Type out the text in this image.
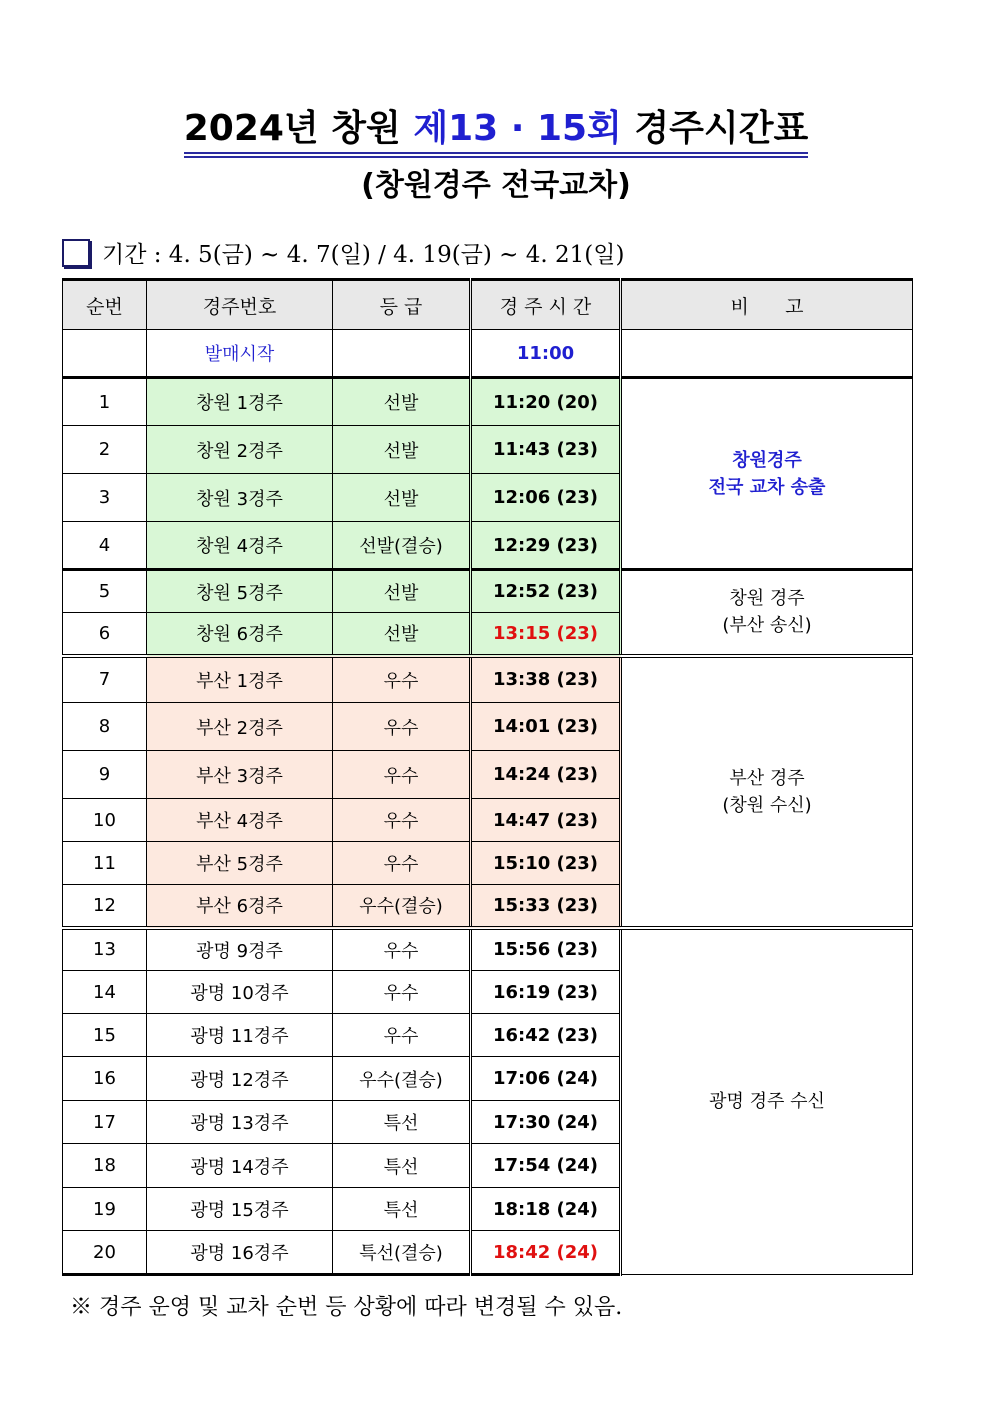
2024년 창원 제13 · 15회 경주시간표
(창원경주 전국교차)
기간 : 4. 5(금) ~ 4. 7(일) / 4. 19(금) ~ 4. 21(일)
순번	경주번호	등 급	경 주 시 간	비      고
	발매시작		11:00	
1	창원 1경주	선발	11:20 (20)	창원경주
전국 교차 송출

2	창원 2경주	선발	11:43 (23)	
3	창원 3경주	선발	12:06 (23)	
4	창원 4경주	선발(결승)	12:29 (23)	
5	창원 5경주	선발	12:52 (23)	창원 경주
(부산 송신)

6	창원 6경주	선발	13:15 (23)	
7	부산 1경주	우수	13:38 (23)	부산 경주
(창원 수신)

8	부산 2경주	우수	14:01 (23)	
9	부산 3경주	우수	14:24 (23)	
10	부산 4경주	우수	14:47 (23)	
11	부산 5경주	우수	15:10 (23)	
12	부산 6경주	우수(결승)	15:33 (23)	
13	광명 9경주	우수	15:56 (23)	광명 경주 수신
14	광명 10경주	우수	16:19 (23)	
15	광명 11경주	우수	16:42 (23)	
16	광명 12경주	우수(결승)	17:06 (24)	
17	광명 13경주	특선	17:30 (24)	
18	광명 14경주	특선	17:54 (24)	
19	광명 15경주	특선	18:18 (24)	
20	광명 16경주	특선(결승)	18:42 (24)	
※ 경주 운영 및 교차 순번 등 상황에 따라 변경될 수 있음.
